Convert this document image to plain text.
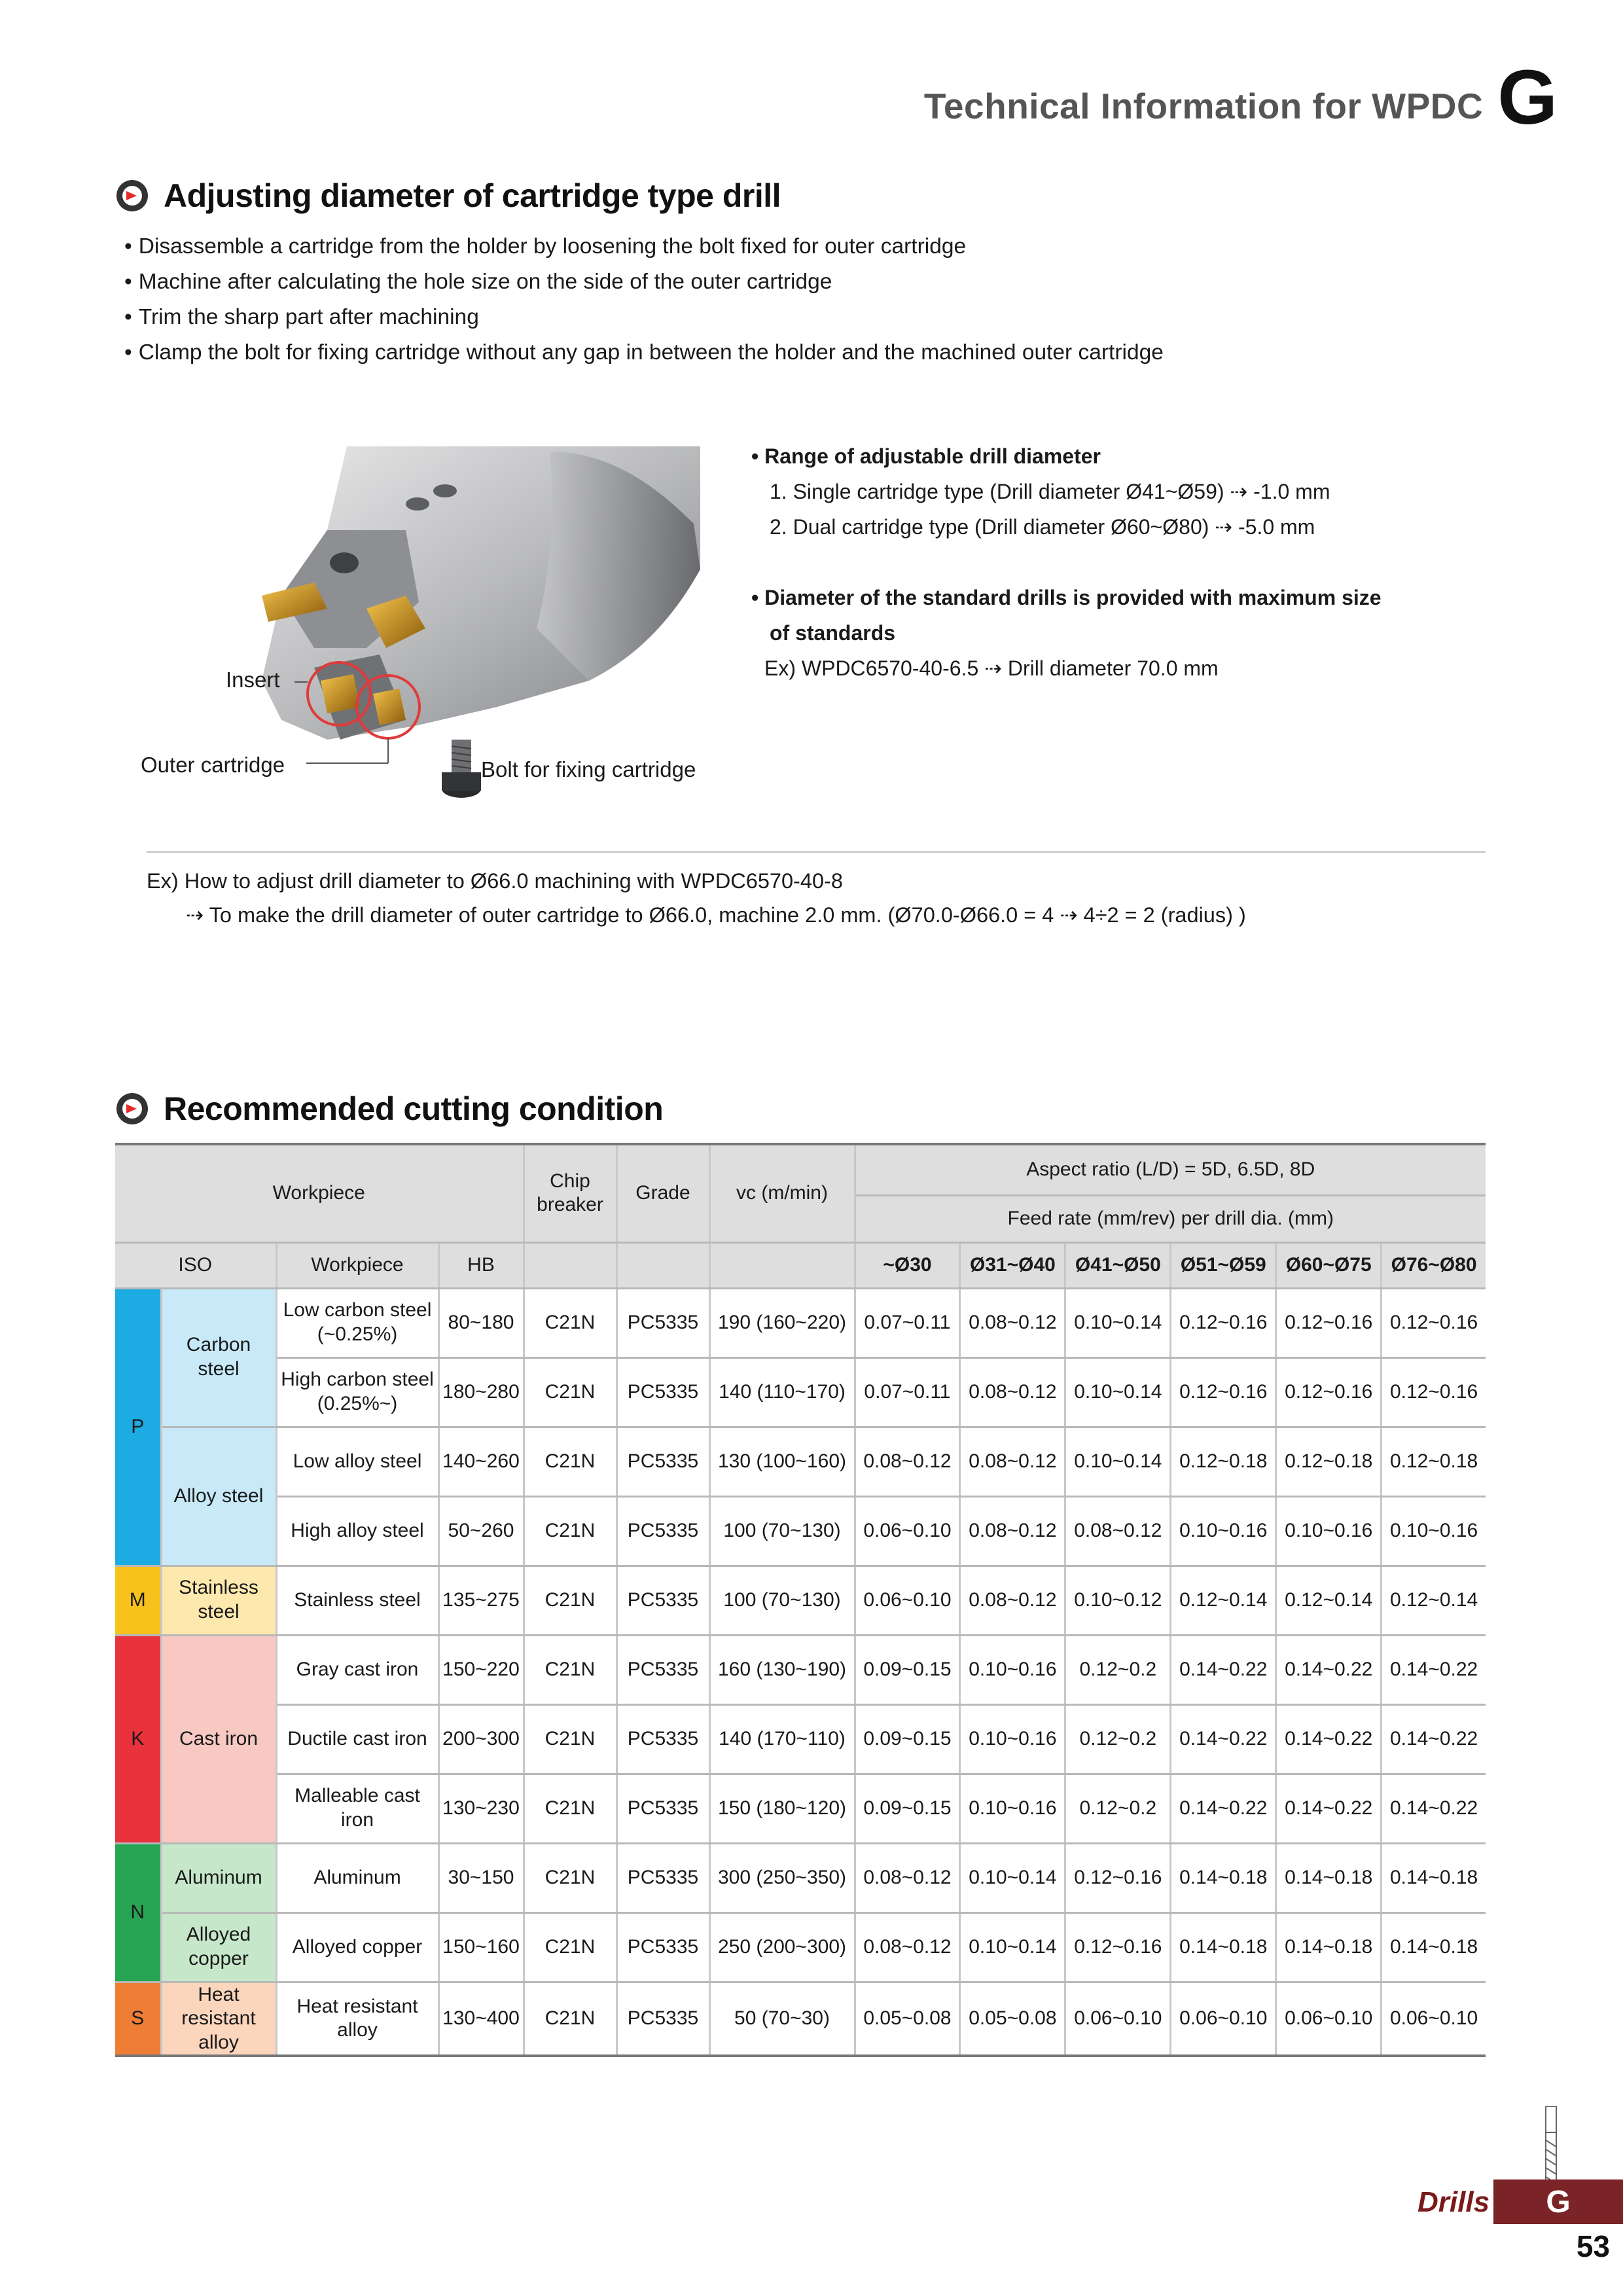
Technical Information for WPDC G
Adjusting diameter of cartridge type drill
• Disassemble a cartridge from the holder by loosening the bolt fixed for outer cartridge
• Machine after calculating the hole size on the side of the outer cartridge
• Trim the sharp part after machining
• Clamp the bolt for fixing cartridge without any gap in between the holder and the machined outer cartridge
Insert
Outer cartridge	Bolt for fixing cartridge
• Range of adjustable drill diameter
1. Single cartridge type (Drill diameter Ø41~Ø59) ⇢ -1.0 mm
2. Dual cartridge type (Drill diameter Ø60~Ø80) ⇢ -5.0 mm
• Diameter of the standard drills is provided with maximum size
of standards
Ex) WPDC6570-40-6.5 ⇢ Drill diameter 70.0 mm
Ex) How to adjust drill diameter to Ø66.0 machining with WPDC6570-40-8
⇢ To make the drill diameter of outer cartridge to Ø66.0, machine 2.0 mm. (Ø70.0-Ø66.0 = 4 ⇢ 4÷2 = 2 (radius) )
Recommended cutting condition
Workpiece				Chip breaker	Grade	vc (m/min)	Aspect ratio (L/D) = 5D, 6.5D, 8D					
							Feed rate (mm/rev) per drill dia. (mm)					
ISO		Workpiece	HB				~Ø30	Ø31~Ø40	Ø41~Ø50	Ø51~Ø59	Ø60~Ø75	Ø76~Ø80
P	Carbon steel	Low carbon steel (~0.25%)	80~180	C21N	PC5335	190 (160~220)	0.07~0.11	0.08~0.12	0.10~0.14	0.12~0.16	0.12~0.16	0.12~0.16
		High carbon steel (0.25%~)	180~280	C21N	PC5335	140 (110~170)	0.07~0.11	0.08~0.12	0.10~0.14	0.12~0.16	0.12~0.16	0.12~0.16
	Alloy steel	Low alloy steel	140~260	C21N	PC5335	130 (100~160)	0.08~0.12	0.08~0.12	0.10~0.14	0.12~0.18	0.12~0.18	0.12~0.18
		High alloy steel	50~260	C21N	PC5335	100 (70~130)	0.06~0.10	0.08~0.12	0.08~0.12	0.10~0.16	0.10~0.16	0.10~0.16
M	Stainless steel	Stainless steel	135~275	C21N	PC5335	100 (70~130)	0.06~0.10	0.08~0.12	0.10~0.12	0.12~0.14	0.12~0.14	0.12~0.14
K	Cast iron	Gray cast iron	150~220	C21N	PC5335	160 (130~190)	0.09~0.15	0.10~0.16	0.12~0.2	0.14~0.22	0.14~0.22	0.14~0.22
		Ductile cast iron	200~300	C21N	PC5335	140 (170~110)	0.09~0.15	0.10~0.16	0.12~0.2	0.14~0.22	0.14~0.22	0.14~0.22
		Malleable cast iron	130~230	C21N	PC5335	150 (180~120)	0.09~0.15	0.10~0.16	0.12~0.2	0.14~0.22	0.14~0.22	0.14~0.22
N	Aluminum	Aluminum	30~150	C21N	PC5335	300 (250~350)	0.08~0.12	0.10~0.14	0.12~0.16	0.14~0.18	0.14~0.18	0.14~0.18
	Alloyed copper	Alloyed copper	150~160	C21N	PC5335	250 (200~300)	0.08~0.12	0.10~0.14	0.12~0.16	0.14~0.18	0.14~0.18	0.14~0.18
S	Heat resistant alloy	Heat resistant alloy	130~400	C21N	PC5335	50 (70~30)	0.05~0.08	0.05~0.08	0.06~0.10	0.06~0.10	0.06~0.10	0.06~0.10
Drills	G
53
